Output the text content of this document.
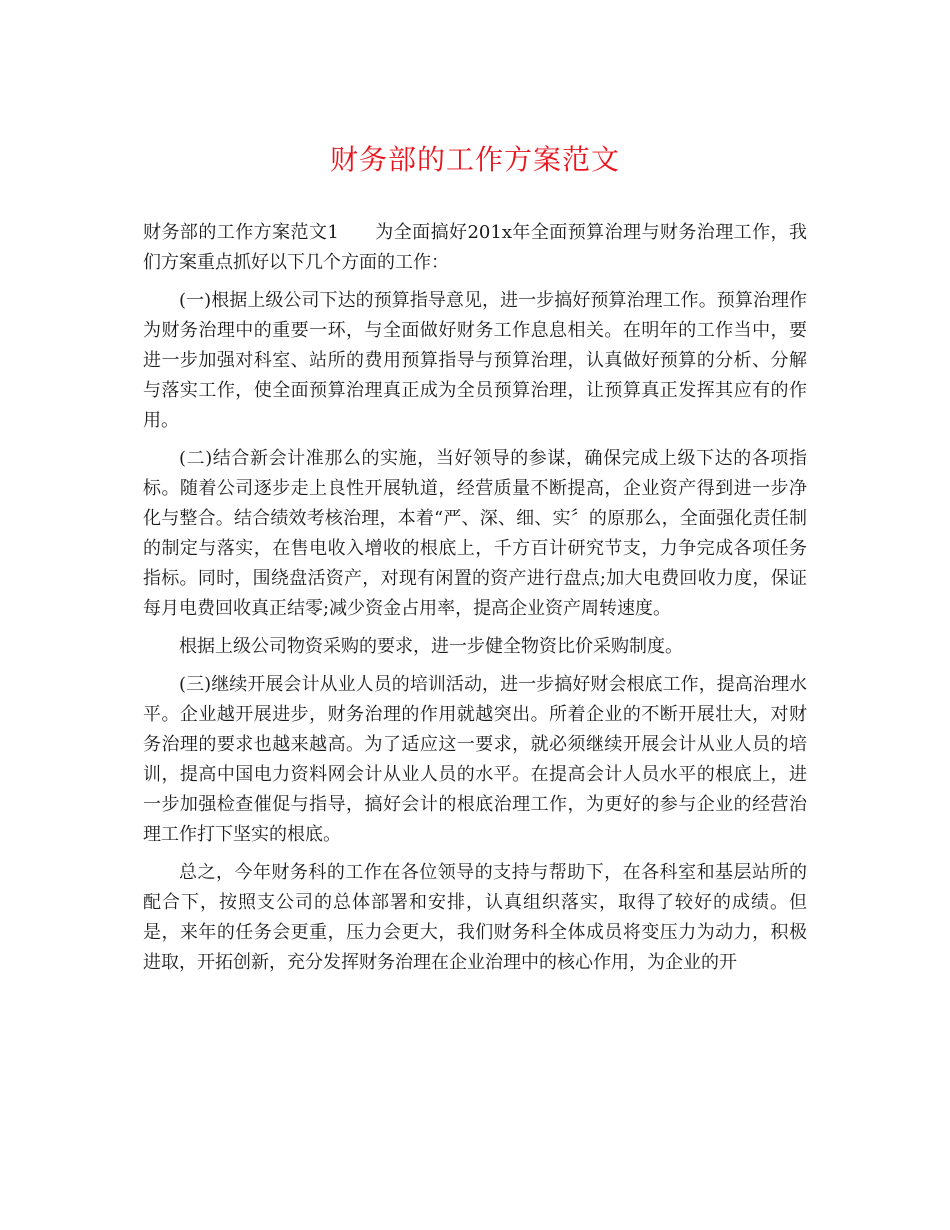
财务部的工作方案范文

财务部的工作方案范文1 为全面搞好201x年全面预算治理与财务治理工作，我们方案重点抓好以下几个方面的工作：

(一)根据上级公司下达的预算指导意见，进一步搞好预算治理工作。预算治理作为财务治理中的重要一环，与全面做好财务工作息息相关。在明年的工作当中，要进一步加强对科室、站所的费用预算指导与预算治理，认真做好预算的分析、分解与落实工作，使全面预算治理真正成为全员预算治理，让预算真正发挥其应有的作用。

(二)结合新会计准那么的实施，当好领导的参谋，确保完成上级下达的各项指标。随着公司逐步走上良性开展轨道，经营质量不断提高，企业资产得到进一步净化与整合。结合绩效考核治理，本着“严、深、细、实〞的原那么，全面强化责任制的制定与落实，在售电收入增收的根底上，千方百计研究节支，力争完成各项任务指标。同时，围绕盘活资产，对现有闲置的资产进行盘点;加大电费回收力度，保证每月电费回收真正结零;减少资金占用率，提高企业资产周转速度。

根据上级公司物资采购的要求，进一步健全物资比价采购制度。

(三)继续开展会计从业人员的培训活动，进一步搞好财会根底工作，提高治理水平。企业越开展进步，财务治理的作用就越突出。所着企业的不断开展壮大，对财务治理的要求也越来越高。为了适应这一要求，就必须继续开展会计从业人员的培训，提高中国电力资料网会计从业人员的水平。在提高会计人员水平的根底上，进一步加强检查催促与指导，搞好会计的根底治理工作，为更好的参与企业的经营治理工作打下坚实的根底。

总之，今年财务科的工作在各位领导的支持与帮助下，在各科室和基层站所的配合下，按照支公司的总体部署和安排，认真组织落实，取得了较好的成绩。但是，来年的任务会更重，压力会更大，我们财务科全体成员将变压力为动力，积极进取，开拓创新，充分发挥财务治理在企业治理中的核心作用，为企业的开
